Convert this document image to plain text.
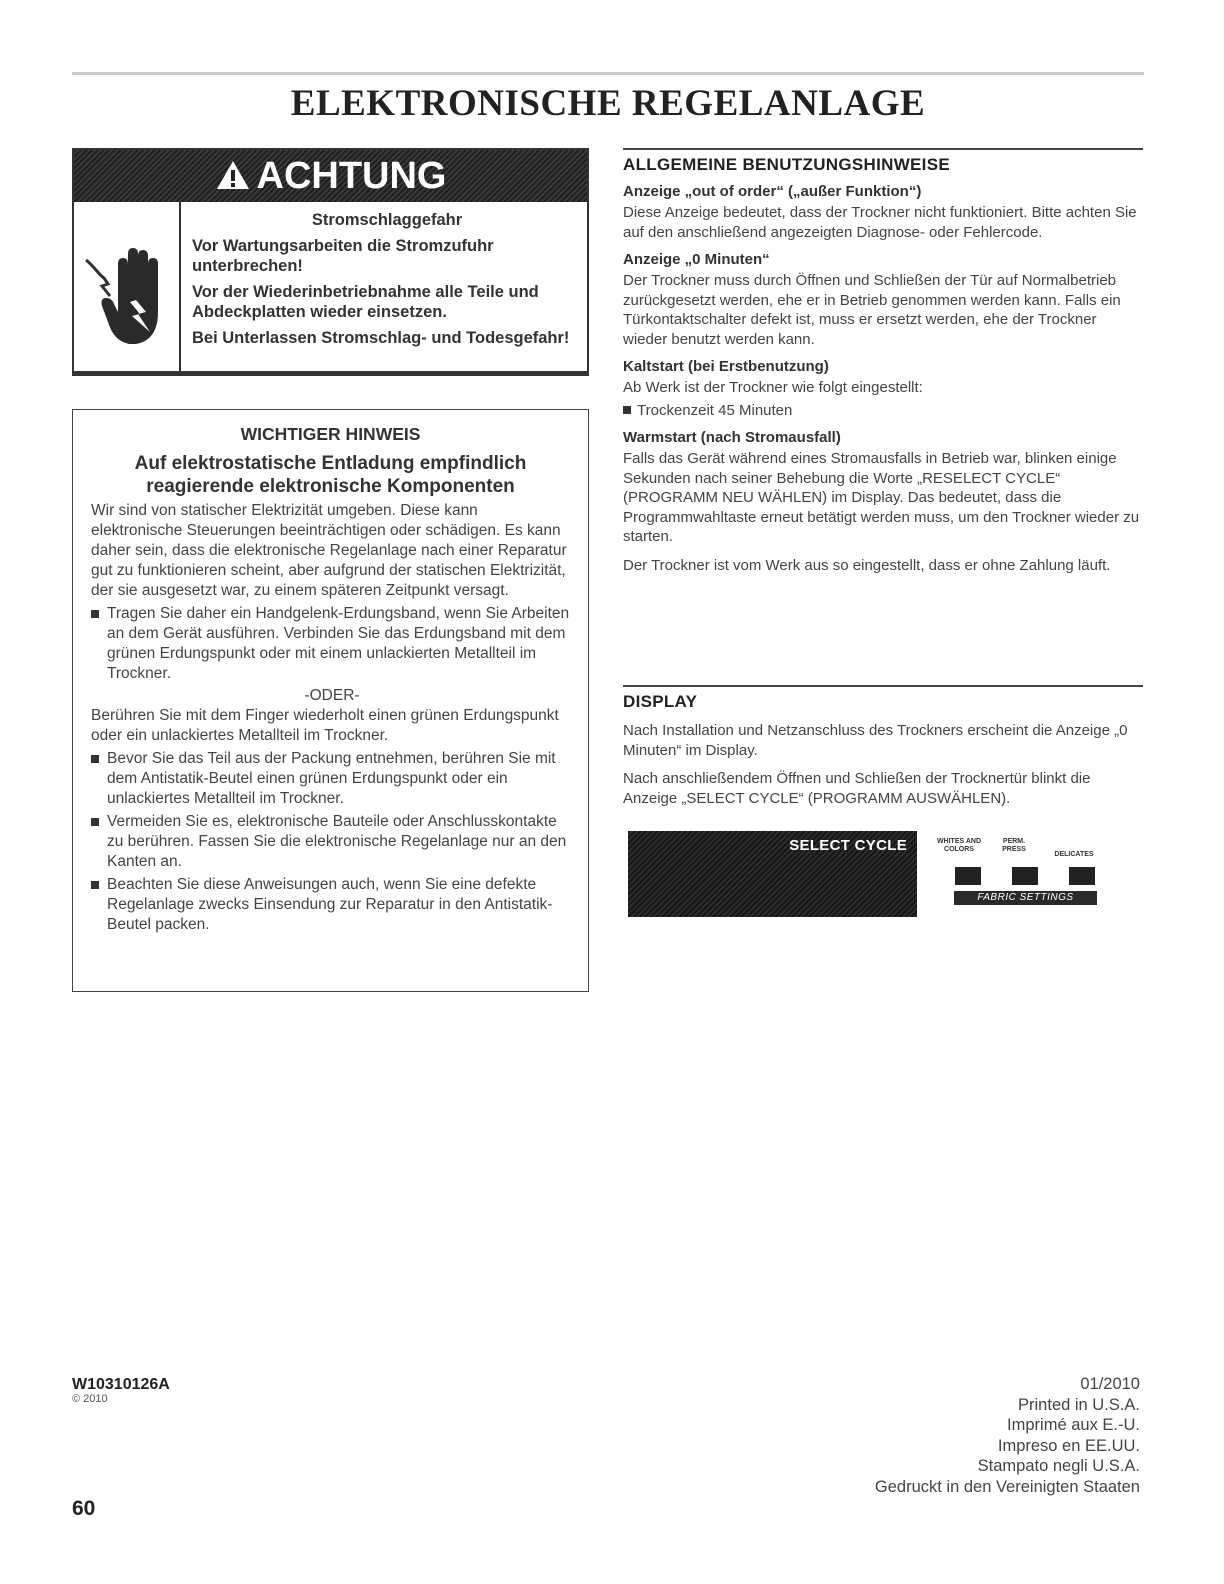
ELEKTRONISCHE REGELANLAGE
ACHTUNG
Stromschlaggefahr

Vor Wartungsarbeiten die Stromzufuhr unterbrechen!

Vor der Wiederinbetriebnahme alle Teile und Abdeckplatten wieder einsetzen.

Bei Unterlassen Stromschlag- und Todesgefahr!

WICHTIGER HINWEIS
Auf elektrostatische Entladung empfindlich reagierende elektronische Komponenten

Wir sind von statischer Elektrizität umgeben. Diese kann elektronische Steuerungen beeinträchtigen oder schädigen. Es kann daher sein, dass die elektronische Regelanlage nach einer Reparatur gut zu funktionieren scheint, aber aufgrund der statischen Elektrizität, der sie ausgesetzt war, zu einem späteren Zeitpunkt versagt.

Tragen Sie daher ein Handgelenk-Erdungsband, wenn Sie Arbeiten an dem Gerät ausführen. Verbinden Sie das Erdungsband mit dem grünen Erdungspunkt oder mit einem unlackierten Metallteil im Trockner.
-ODER-

Berühren Sie mit dem Finger wiederholt einen grünen Erdungspunkt oder ein unlackiertes Metallteil im Trockner.

Bevor Sie das Teil aus der Packung entnehmen, berühren Sie mit dem Antistatik-Beutel einen grünen Erdungspunkt oder ein unlackiertes Metallteil im Trockner.
Vermeiden Sie es, elektronische Bauteile oder Anschlusskontakte zu berühren. Fassen Sie die elektronische Regelanlage nur an den Kanten an.
Beachten Sie diese Anweisungen auch, wenn Sie eine defekte Regelanlage zwecks Einsendung zur Reparatur in den Antistatik-Beutel packen.
ALLGEMEINE BENUTZUNGSHINWEISE
Anzeige „out of order“ („außer Funktion“)
Diese Anzeige bedeutet, dass der Trockner nicht funktioniert. Bitte achten Sie auf den anschließend angezeigten Diagnose- oder Fehlercode.
Anzeige „0 Minuten“
Der Trockner muss durch Öffnen und Schließen der Tür auf Normalbetrieb zurückgesetzt werden, ehe er in Betrieb genommen werden kann. Falls ein Türkontaktschalter defekt ist, muss er ersetzt werden, ehe der Trockner wieder benutzt werden kann.
Kaltstart (bei Erstbenutzung)
Ab Werk ist der Trockner wie folgt eingestellt:
Trockenzeit 45 Minuten
Warmstart (nach Stromausfall)
Falls das Gerät während eines Stromausfalls in Betrieb war, blinken einige Sekunden nach seiner Behebung die Worte „RESELECT CYCLE“ (PROGRAMM NEU WÄHLEN) im Display. Das bedeutet, dass die Programmwahltaste erneut betätigt werden muss, um den Trockner wieder zu starten.
Der Trockner ist vom Werk aus so eingestellt, dass er ohne Zahlung läuft.
DISPLAY
Nach Installation und Netzanschluss des Trockners erscheint die Anzeige „0 Minuten“ im Display.
Nach anschließendem Öffnen und Schließen der Trocknertür blinkt die Anzeige „SELECT CYCLE“ (PROGRAMM AUSWÄHLEN).
SELECT CYCLE	WHITES AND COLORS
PERM. PRESS
DELICATES
FABRIC SETTINGS
W10310126A
© 2010
60
01/2010
Printed in U.S.A.
Imprimé aux E.-U.
Impreso en EE.UU.
Stampato negli U.S.A.
Gedruckt in den Vereinigten Staaten
